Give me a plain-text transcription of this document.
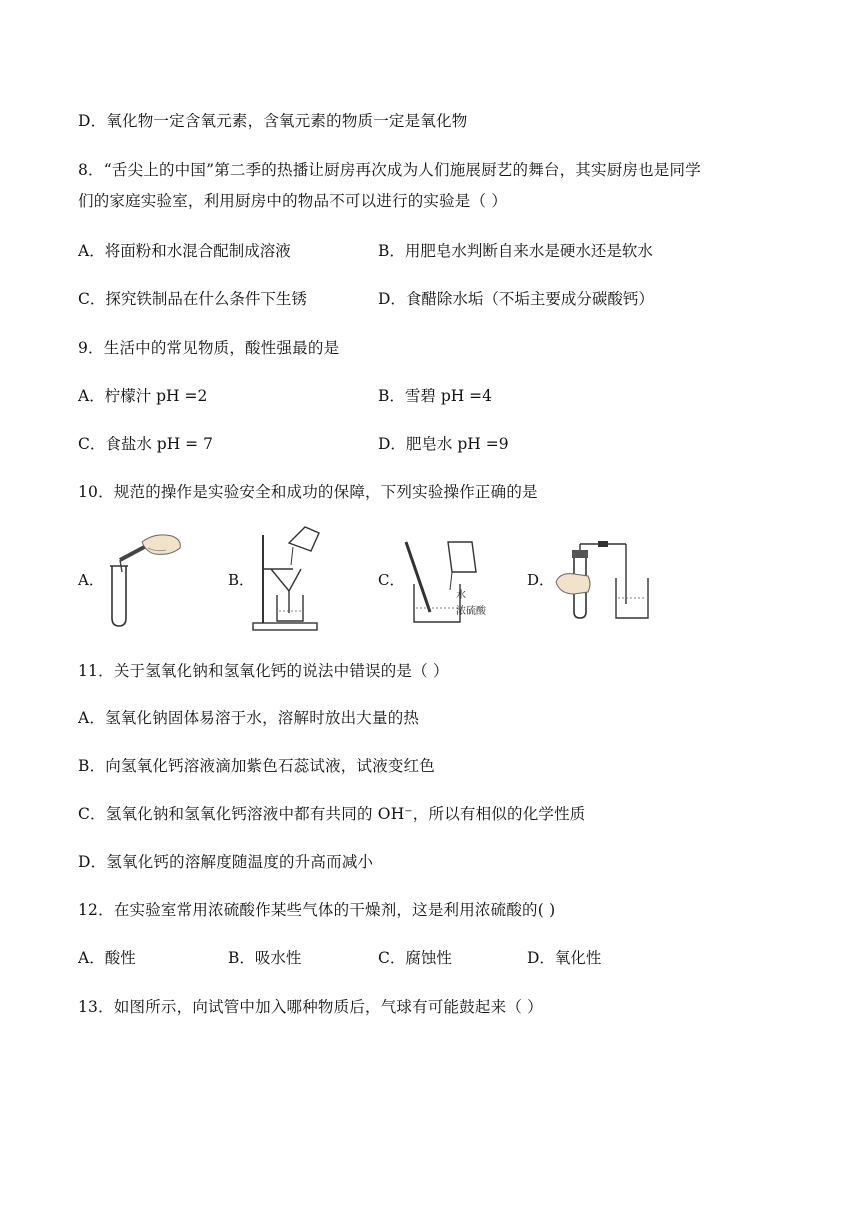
D．氧化物一定含氧元素，含氧元素的物质一定是氧化物
8．“舌尖上的中国”第二季的热播让厨房再次成为人们施展厨艺的舞台，其实厨房也是同学
们的家庭实验室，利用厨房中的物品不可以进行的实验是（ ）
A．将面粉和水混合配制成溶液	B．用肥皂水判断自来水是硬水还是软水
C．探究铁制品在什么条件下生锈	D．食醋除水垢（不垢主要成分碳酸钙）
9．生活中的常见物质，酸性强最的是
A．柠檬汁 pH =2	B．雪碧 pH =4
C．食盐水 pH = 7	D．肥皂水 pH =9
10．规范的操作是实验安全和成功的保障，下列实验操作正确的是
A．	B．	C．
水
浓硫酸
D．
11．关于氢氧化钠和氢氧化钙的说法中错误的是（ ）
A．氢氧化钠固体易溶于水，溶解时放出大量的热
B．向氢氧化钙溶液滴加紫色石蕊试液，试液变红色
C．氢氧化钠和氢氧化钙溶液中都有共同的 OH⁻，所以有相似的化学性质
D．氢氧化钙的溶解度随温度的升高而减小
12．在实验室常用浓硫酸作某些气体的干燥剂，这是利用浓硫酸的( )
A．酸性	B．吸水性	C．腐蚀性	D．氧化性
13．如图所示，向试管中加入哪种物质后，气球有可能鼓起来（ ）
